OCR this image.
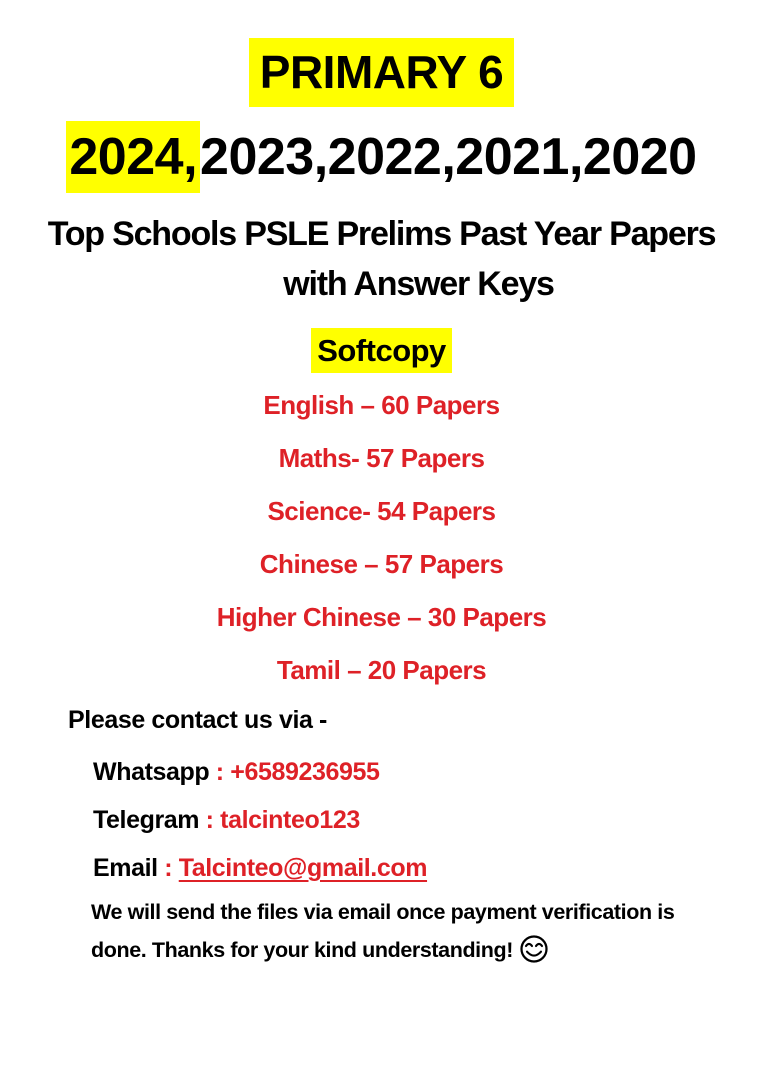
PRIMARY 6
2024,2023,2022,2021,2020
Top Schools PSLE Prelims Past Year Papers
with Answer Keys
Softcopy
English – 60 Papers
Maths- 57 Papers
Science- 54 Papers
Chinese – 57 Papers
Higher Chinese – 30 Papers
Tamil – 20 Papers
Please contact us via -
Whatsapp : +6589236955
Telegram : talcinteo123
Email : Talcinteo@gmail.com
We will send the files via email once payment verification is
done. Thanks for your kind understanding!
